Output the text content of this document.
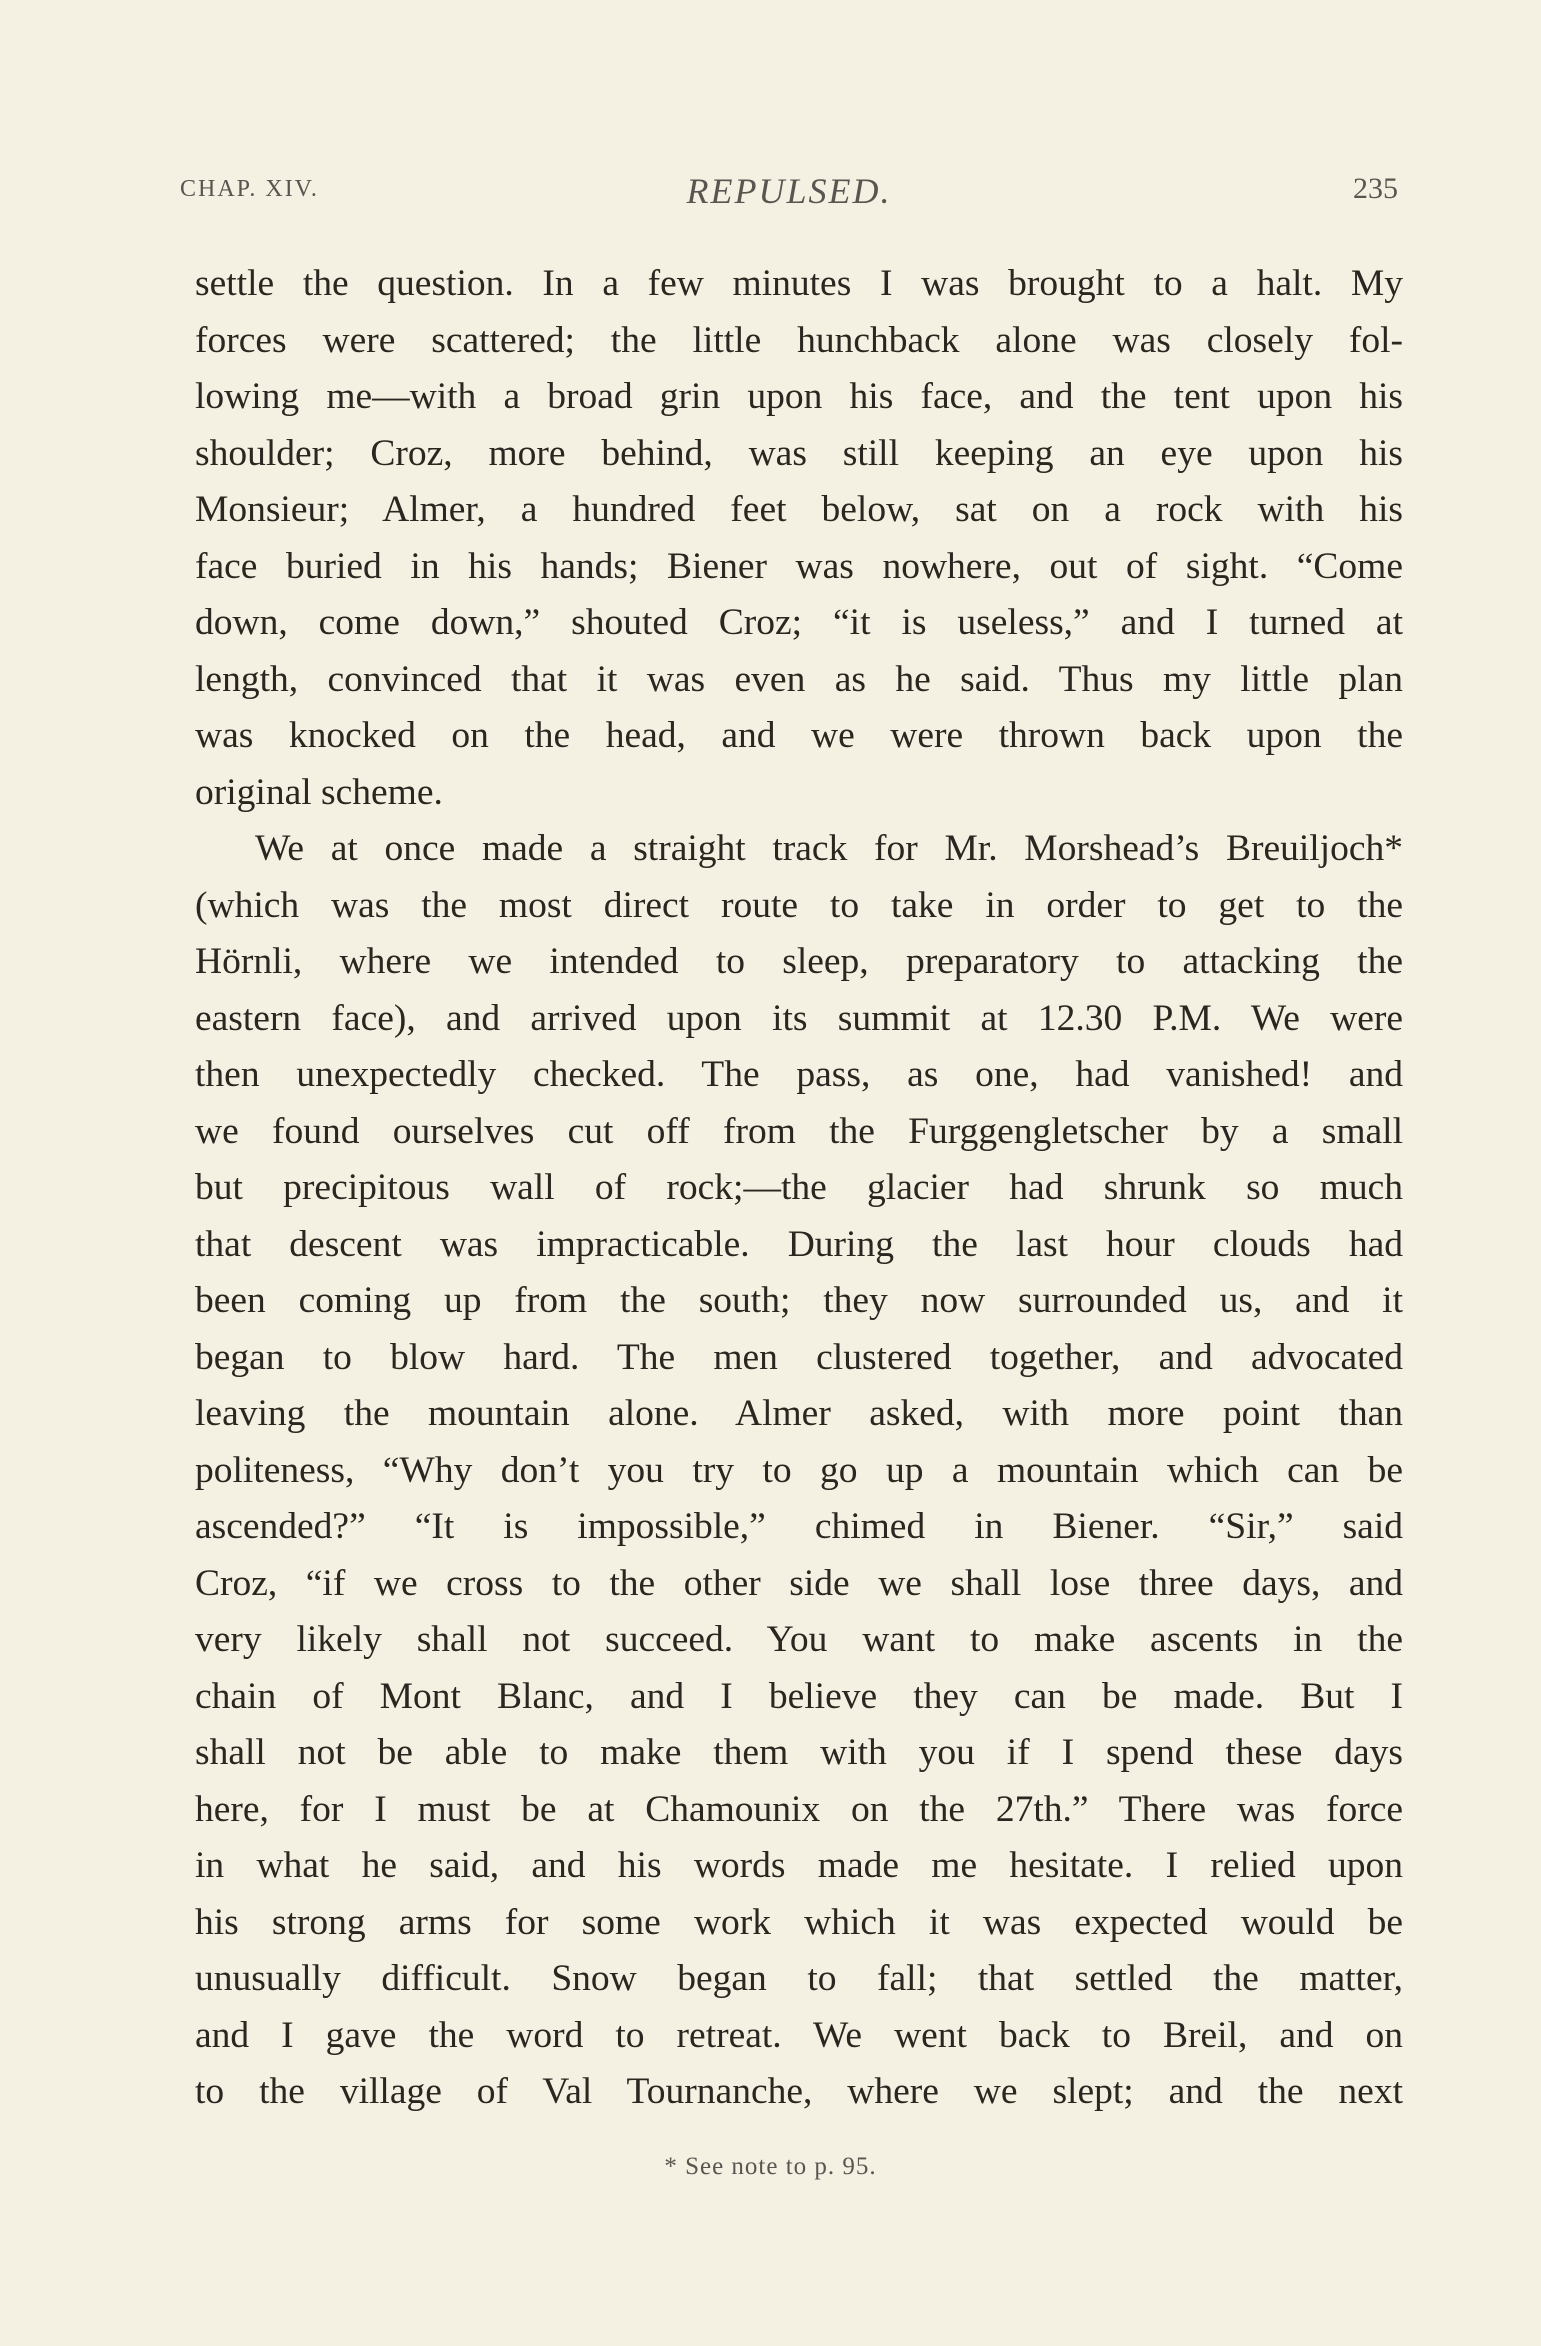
CHAP. XIV.	REPULSED.	235
settle the question. In a few minutes I was brought to a halt. My
forces were scattered; the little hunchback alone was closely fol-
lowing me—with a broad grin upon his face, and the tent upon his
shoulder; Croz, more behind, was still keeping an eye upon his
Monsieur; Almer, a hundred feet below, sat on a rock with his
face buried in his hands; Biener was nowhere, out of sight. “Come
down, come down,” shouted Croz; “it is useless,” and I turned at
length, convinced that it was even as he said. Thus my little plan
was knocked on the head, and we were thrown back upon the
original scheme.
We at once made a straight track for Mr. Morshead’s Breuiljoch*
(which was the most direct route to take in order to get to the
Hörnli, where we intended to sleep, preparatory to attacking the
eastern face), and arrived upon its summit at 12.30 P.M. We were
then unexpectedly checked. The pass, as one, had vanished! and
we found ourselves cut off from the Furggengletscher by a small
but precipitous wall of rock;—the glacier had shrunk so much
that descent was impracticable. During the last hour clouds had
been coming up from the south; they now surrounded us, and it
began to blow hard. The men clustered together, and advocated
leaving the mountain alone. Almer asked, with more point than
politeness, “Why don’t you try to go up a mountain which can be
ascended?” “It is impossible,” chimed in Biener. “Sir,” said
Croz, “if we cross to the other side we shall lose three days, and
very likely shall not succeed. You want to make ascents in the
chain of Mont Blanc, and I believe they can be made. But I
shall not be able to make them with you if I spend these days
here, for I must be at Chamounix on the 27th.” There was force
in what he said, and his words made me hesitate. I relied upon
his strong arms for some work which it was expected would be
unusually difficult. Snow began to fall; that settled the matter,
and I gave the word to retreat. We went back to Breil, and on
to the village of Val Tournanche, where we slept; and the next
* See note to p. 95.
